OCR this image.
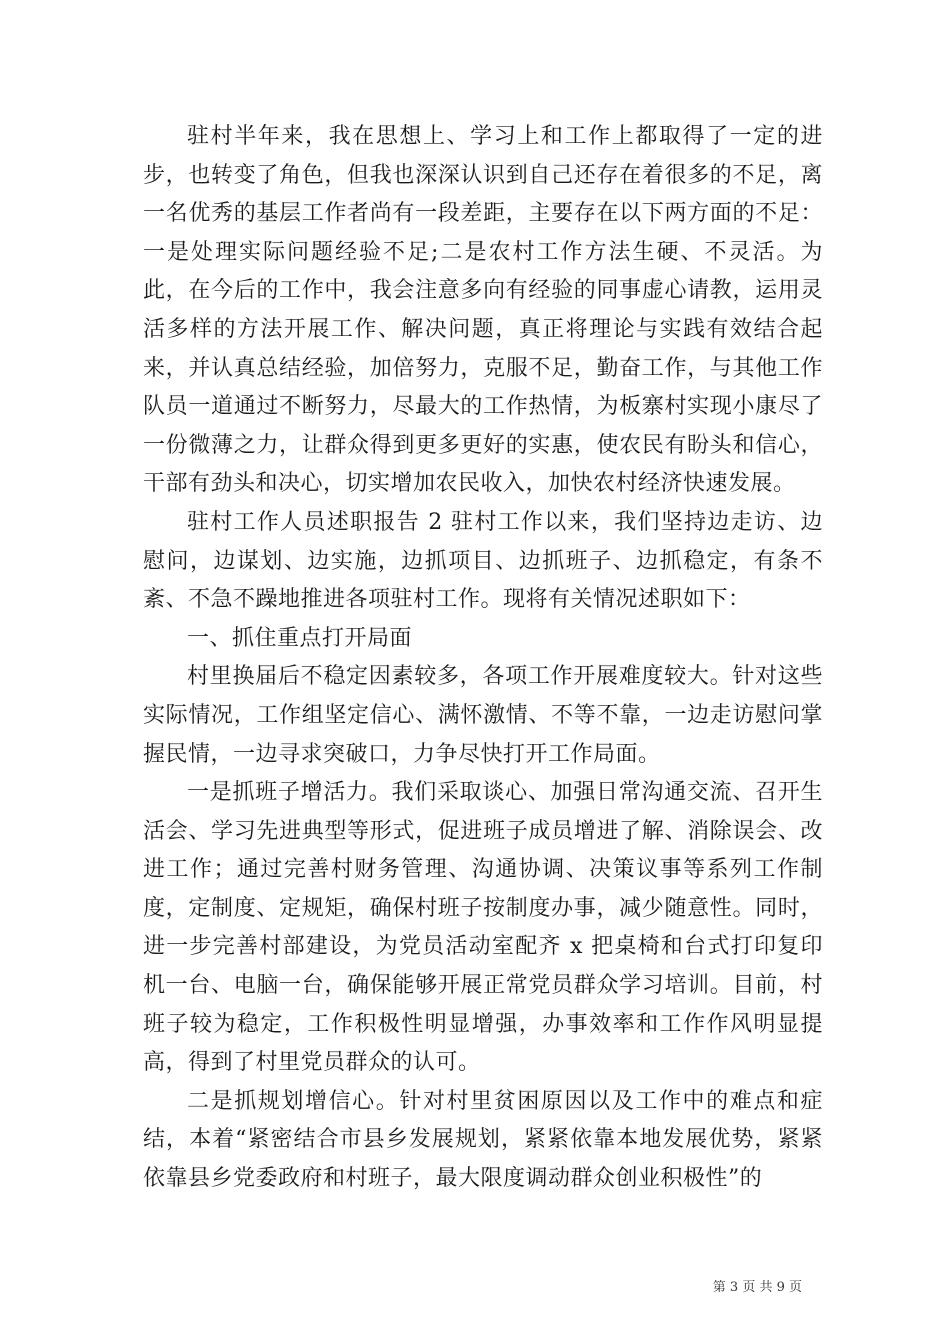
驻村半年来，我在思想上、学习上和工作上都取得了一定的进步，也转变了角色，但我也深深认识到自己还存在着很多的不足，离一名优秀的基层工作者尚有一段差距，主要存在以下两方面的不足：一是处理实际问题经验不足;二是农村工作方法生硬、不灵活。为此，在今后的工作中，我会注意多向有经验的同事虚心请教，运用灵活多样的方法开展工作、解决问题，真正将理论与实践有效结合起来，并认真总结经验，加倍努力，克服不足，勤奋工作，与其他工作队员一道通过不断努力，尽最大的工作热情，为板寨村实现小康尽了一份微薄之力，让群众得到更多更好的实惠，使农民有盼头和信心，干部有劲头和决心，切实增加农民收入，加快农村经济快速发展。

驻村工作人员述职报告 2 驻村工作以来，我们坚持边走访、边慰问，边谋划、边实施，边抓项目、边抓班子、边抓稳定，有条不紊、不急不躁地推进各项驻村工作。现将有关情况述职如下：

一、抓住重点打开局面

村里换届后不稳定因素较多，各项工作开展难度较大。针对这些实际情况，工作组坚定信心、满怀激情、不等不靠，一边走访慰问掌握民情，一边寻求突破口，力争尽快打开工作局面。

一是抓班子增活力。我们采取谈心、加强日常沟通交流、召开生活会、学习先进典型等形式，促进班子成员增进了解、消除误会、改进工作；通过完善村财务管理、沟通协调、决策议事等系列工作制度，定制度、定规矩，确保村班子按制度办事，减少随意性。同时，进一步完善村部建设，为党员活动室配齐 x 把桌椅和台式打印复印机一台、电脑一台，确保能够开展正常党员群众学习培训。目前，村班子较为稳定，工作积极性明显增强，办事效率和工作作风明显提高，得到了村里党员群众的认可。

二是抓规划增信心。针对村里贫困原因以及工作中的难点和症结，本着“紧密结合市县乡发展规划，紧紧依靠本地发展优势，紧紧依靠县乡党委政府和村班子，最大限度调动群众创业积极性”的

第 3 页 共 9 页
